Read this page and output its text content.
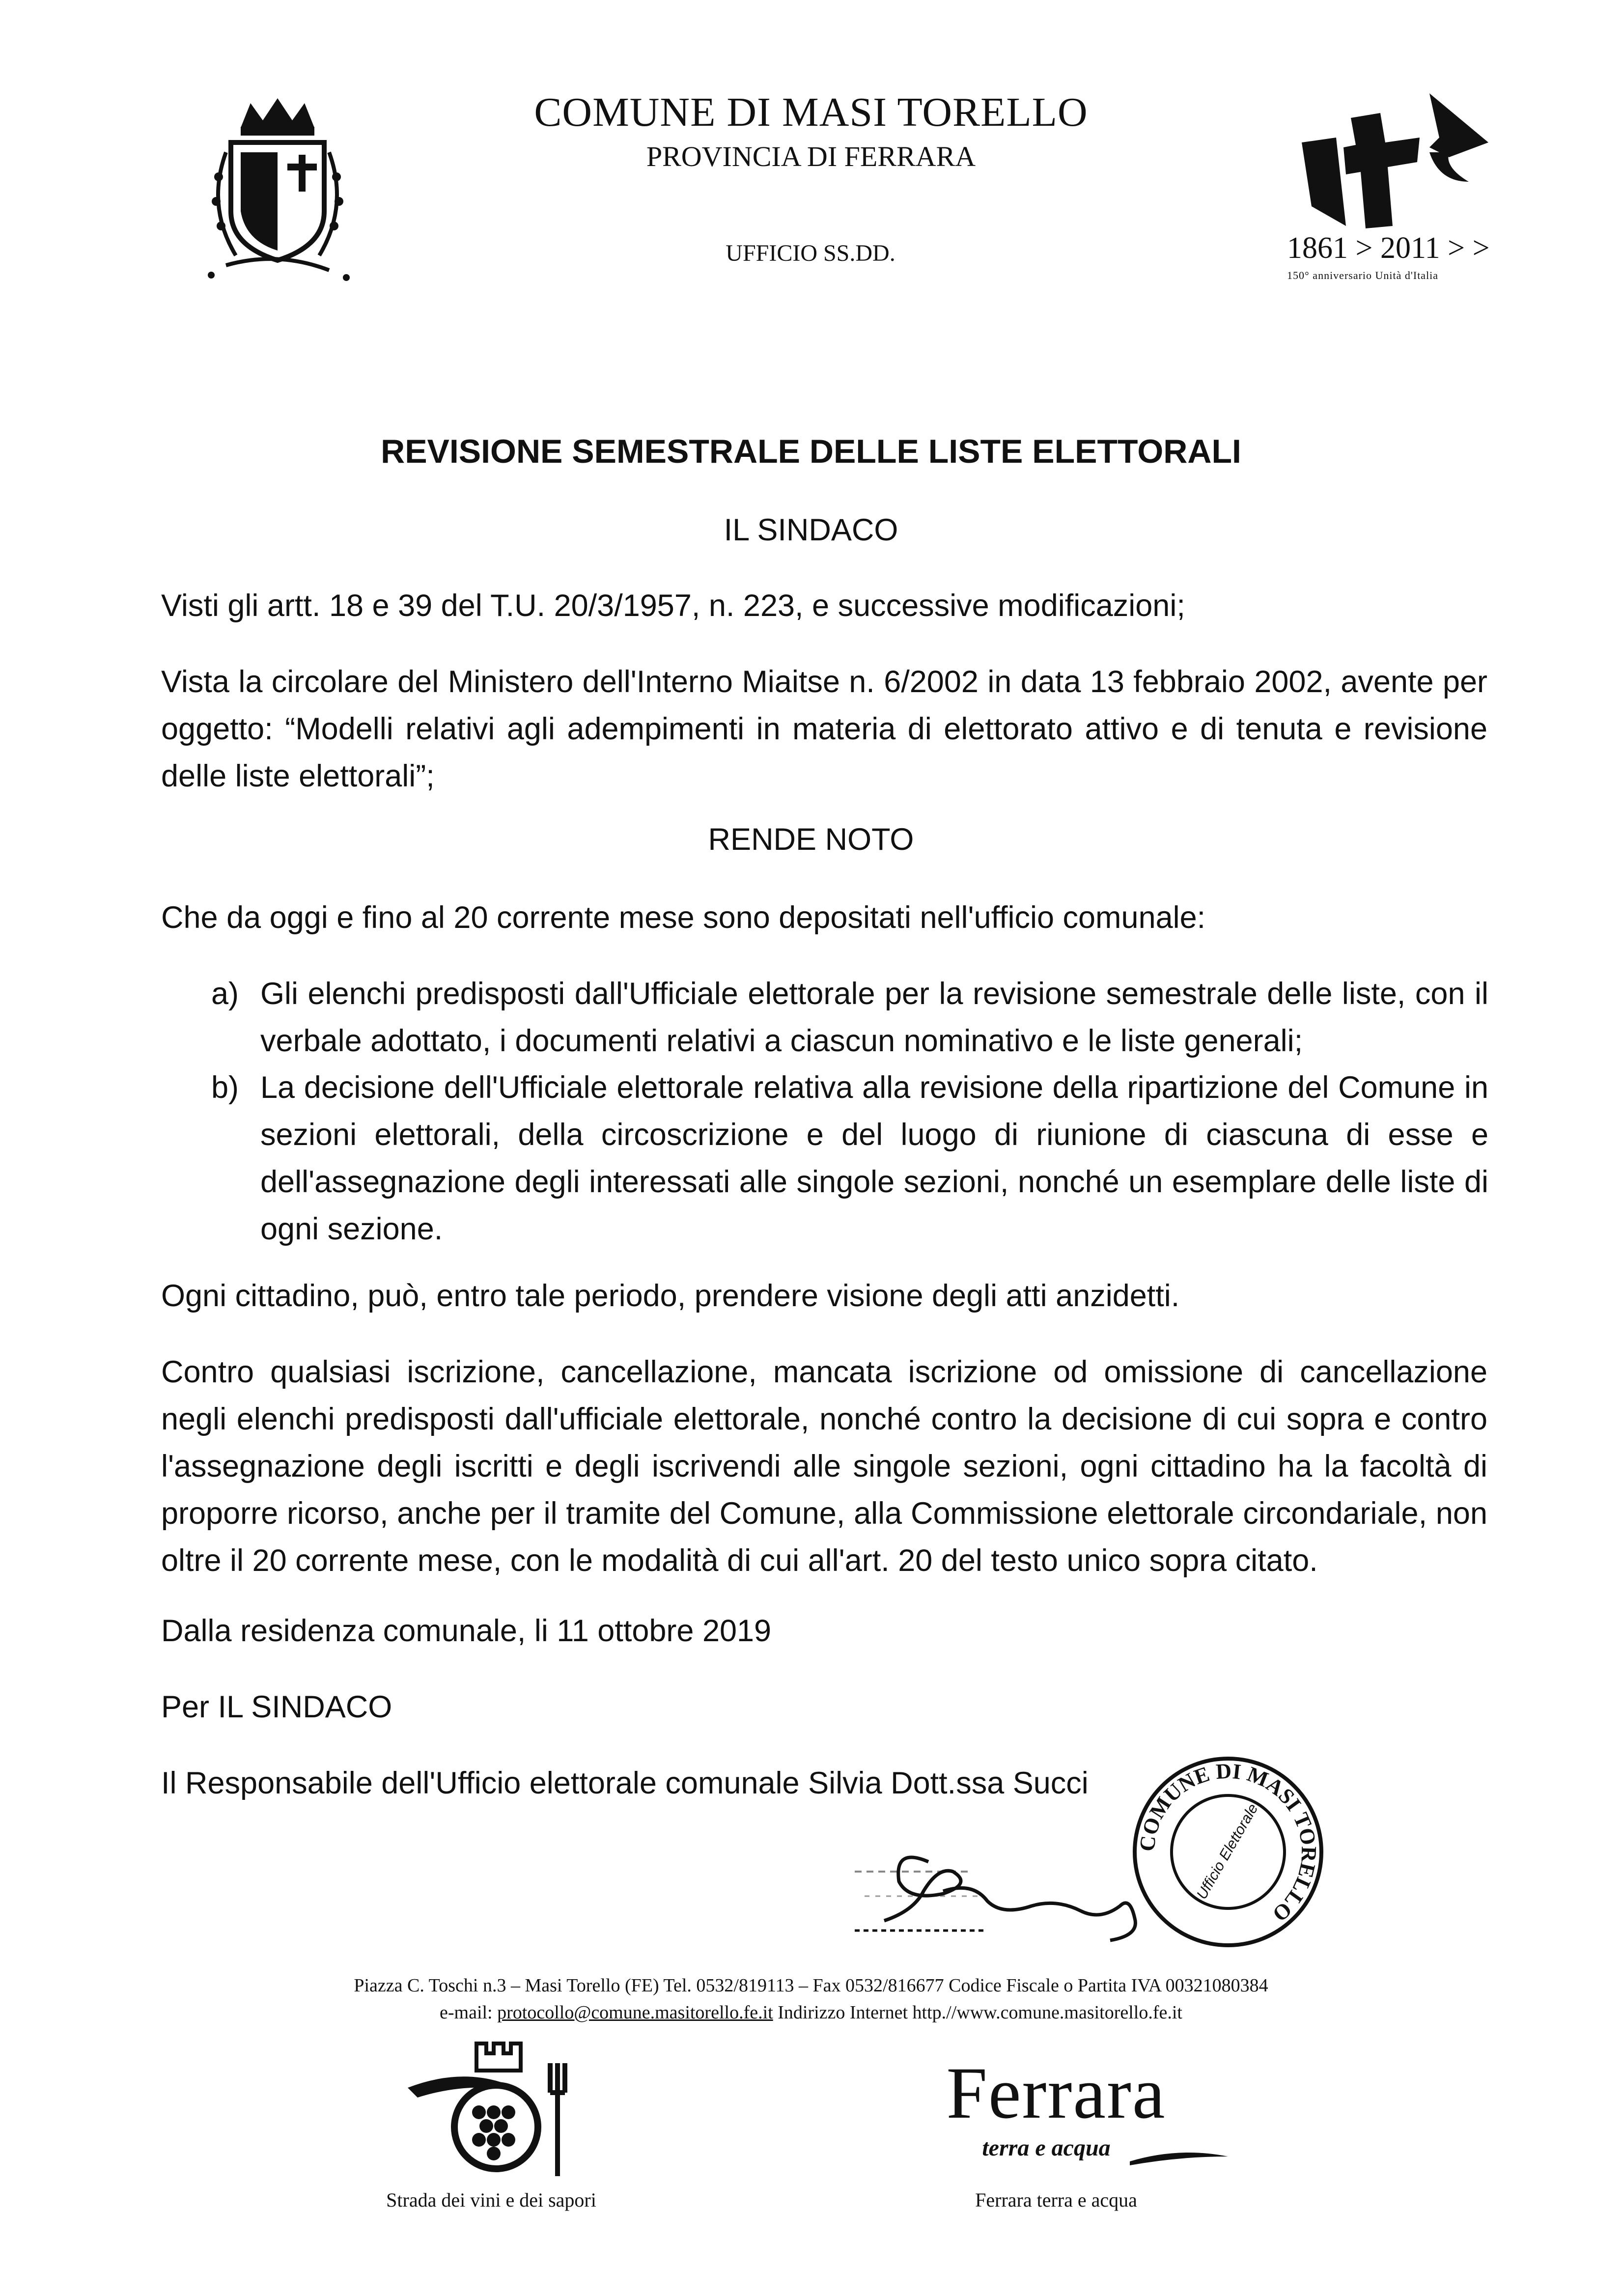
COMUNE DI MASI TORELLO
PROVINCIA DI FERRARA
UFFICIO SS.DD.	1861 > 2011 > >
150° anniversario Unità d'Italia
REVISIONE SEMESTRALE DELLE LISTE ELETTORALI
IL SINDACO
Visti gli artt. 18 e 39 del T.U. 20/3/1957, n. 223, e successive modificazioni;
Vista la circolare del Ministero dell'Interno Miaitse n. 6/2002 in data 13 febbraio 2002, avente per oggetto: “Modelli relativi agli adempimenti in materia di elettorato attivo e di tenuta e revisione delle liste elettorali”;
RENDE NOTO
Che da oggi e fino al 20 corrente mese sono depositati nell'ufficio comunale:
a) Gli elenchi predisposti dall'Ufficiale elettorale per la revisione semestrale delle liste, con il verbale adottato, i documenti relativi a ciascun nominativo e le liste generali;
b) La decisione dell'Ufficiale elettorale relativa alla revisione della ripartizione del Comune in sezioni elettorali, della circoscrizione e del luogo di riunione di ciascuna di esse e dell'assegnazione degli interessati alle singole sezioni, nonché un esemplare delle liste di ogni sezione.
Ogni cittadino, può, entro tale periodo, prendere visione degli atti anzidetti.
Contro qualsiasi iscrizione, cancellazione, mancata iscrizione od omissione di cancellazione negli elenchi predisposti dall'ufficiale elettorale, nonché contro la decisione di cui sopra e contro l'assegnazione degli iscritti e degli iscrivendi alle singole sezioni, ogni cittadino ha la facoltà di proporre ricorso, anche per il tramite del Comune, alla Commissione elettorale circondariale, non oltre il 20 corrente mese, con le modalità di cui all'art. 20 del testo unico sopra citato.
Dalla residenza comunale, li 11 ottobre 2019
Per IL SINDACO
Il Responsabile dell'Ufficio elettorale comunale Silvia Dott.ssa Succi
COMUNE DI MASI TORELLO
Ufficio Elettorale
Piazza C. Toschi n.3 – Masi Torello (FE) Tel. 0532/819113 – Fax 0532/816677 Codice Fiscale o Partita IVA 00321080384
e-mail: protocollo@comune.masitorello.fe.it Indirizzo Internet http.//www.comune.masitorello.fe.it
Strada dei vini e dei sapori
Ferrara
terra e acqua
Ferrara terra e acqua
